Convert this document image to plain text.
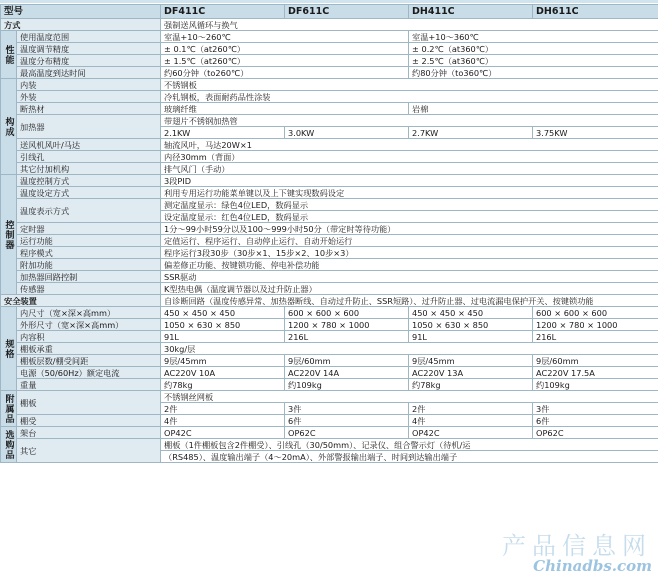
型号		DF411C	DF611C	DH411C	DH611C
方式		强制送风循环与换气			
性能	使用温度范围	室温+10～260℃		室温+10～360℃	
	温度调节精度	± 0.1℃（at260℃）		± 0.2℃（at360℃）	
	温度分布精度	± 1.5℃（at260℃）		± 2.5℃（at360℃）	
	最高温度到达时间	约60分钟（to260℃）		约80分钟（to360℃）	
构成	内装	不锈钢板			
	外装	冷轧钢板，表面耐药品性涂装			
	断热材	玻璃纤维		岩棉	
	加热器	带翅片不锈钢加热管			
		2.1KW	3.0KW	2.7KW	3.75KW
	送风机风叶/马达	轴流风叶，马达20W×1			
	引线孔	内径30mm（背面）			
	其它付加机构	排气风门（手动）			
控制器	温度控制方式	3段PID			
	温度设定方式	利用专用运行功能菜单键以及上下键实现数码设定			
	温度表示方式	测定温度显示：绿色4位LED，数码显示			
		设定温度显示：红色4位LED，数码显示			
	定时器	1分～99小时59分以及100～999小时50分（带定时等待功能）			
	运行功能	定值运行、程序运行、自动停止运行、自动开始运行			
	程序模式	程序运行3段30步（30步×1、15步×2、10步×3）			
	附加功能	偏差修正功能、按键锁功能、停电补偿功能			
	加热器回路控制	SSR驱动			
	传感器	K型热电偶（温度调节器以及过升防止器）			
安全装置		自诊断回路（温度传感异常、加热器断线、自动过升防止、SSR短路）、过升防止器、过电流漏电保护开关、按键锁功能			
规格	内尺寸（宽×深×高mm）	450 × 450 × 450	600 × 600 × 600	450 × 450 × 450	600 × 600 × 600
	外形尺寸（宽×深×高mm）	1050 × 630 × 850	1200 × 780 × 1000	1050 × 630 × 850	1200 × 780 × 1000
	内容积	91L	216L	91L	216L
	棚板承重	30kg/层			
	棚板层数/棚受间距	9层/45mm	9层/60mm	9层/45mm	9层/60mm
	电源（50/60Hz）额定电流	AC220V 10A	AC220V 14A	AC220V 13A	AC220V 17.5A
	重量	约78kg	约109kg	约78kg	约109kg
附属品	棚板	不锈钢丝网板			
		2件	3件	2件	3件
	棚受	4件	6件	4件	6件
选购品	架台	OP42C	OP62C	OP42C	OP62C
	其它	棚板（1件棚板包含2件棚受）、引线孔（30/50mm）、记录仪、组合警示灯（待机/运			
		（RS485）、温度输出端子（4～20mA）、外部警报输出端子、时间到达输出端子			
产品信息网
Chinadbs.com
